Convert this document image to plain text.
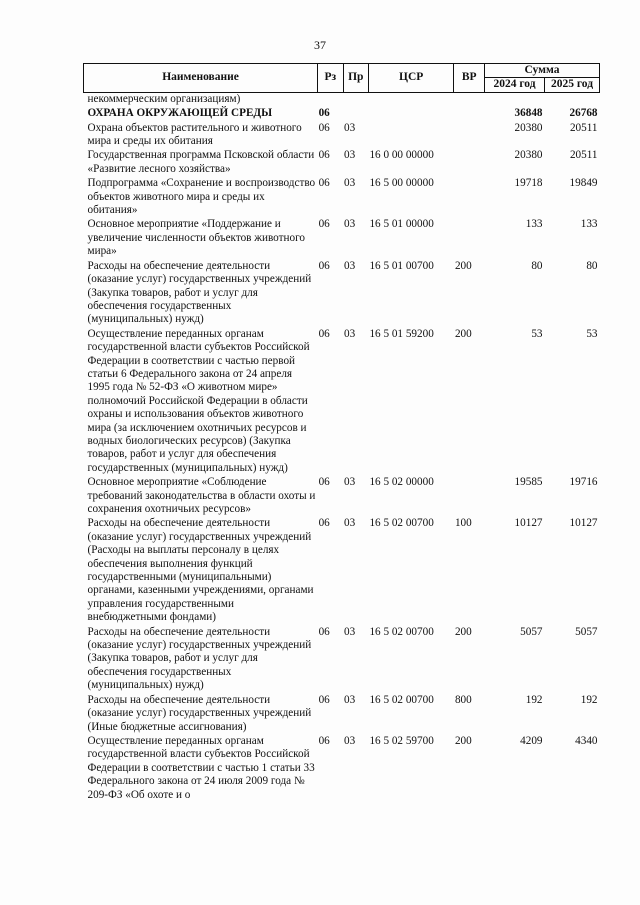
37
Наименование	Рз	Пр	ЦСР	ВР	Сумма	
					2024 год	2025 год
некоммерческим организациям)						
ОХРАНА ОКРУЖАЮЩЕЙ СРЕДЫ	06				36848	26768
Охрана объектов растительного и животного мира и среды их обитания	06	03			20380	20511
Государственная программа Псковской области «Развитие лесного хозяйства»	06	03	16 0 00 00000		20380	20511
Подпрограмма «Сохранение и воспроизводство объектов животного мира и среды их обитания»	06	03	16 5 00 00000		19718	19849
Основное мероприятие «Поддержание и увеличение численности объектов животного мира»	06	03	16 5 01 00000		133	133
Расходы на обеспечение деятельности (оказание услуг) государственных учреждений (Закупка товаров, работ и услуг для обеспечения государственных (муниципальных) нужд)	06	03	16 5 01 00700	200	80	80
Осуществление переданных органам государственной власти субъектов Российской Федерации в соответствии с частью первой статьи 6 Федерального закона от 24 апреля 1995 года № 52-ФЗ «О животном мире» полномочий Российской Федерации в области охраны и использования объектов животного мира (за исключением охотничьих ресурсов и водных биологических ресурсов) (Закупка товаров, работ и услуг для обеспечения государственных (муниципальных) нужд)	06	03	16 5 01 59200	200	53	53
Основное мероприятие «Соблюдение требований законодательства в области охоты и сохранения охотничьих ресурсов»	06	03	16 5 02 00000		19585	19716
Расходы на обеспечение деятельности (оказание услуг) государственных учреждений (Расходы на выплаты персоналу в целях обеспечения выполнения функций государственными (муниципальными) органами, казенными учреждениями, органами управления государственными внебюджетными фондами)	06	03	16 5 02 00700	100	10127	10127
Расходы на обеспечение деятельности (оказание услуг) государственных учреждений (Закупка товаров, работ и услуг для обеспечения государственных (муниципальных) нужд)	06	03	16 5 02 00700	200	5057	5057
Расходы на обеспечение деятельности (оказание услуг) государственных учреждений (Иные бюджетные ассигнования)	06	03	16 5 02 00700	800	192	192
Осуществление переданных органам государственной власти субъектов Российской Федерации в соответствии с частью 1 статьи 33 Федерального закона от 24 июля 2009 года № 209-ФЗ «Об охоте и о	06	03	16 5 02 59700	200	4209	4340
